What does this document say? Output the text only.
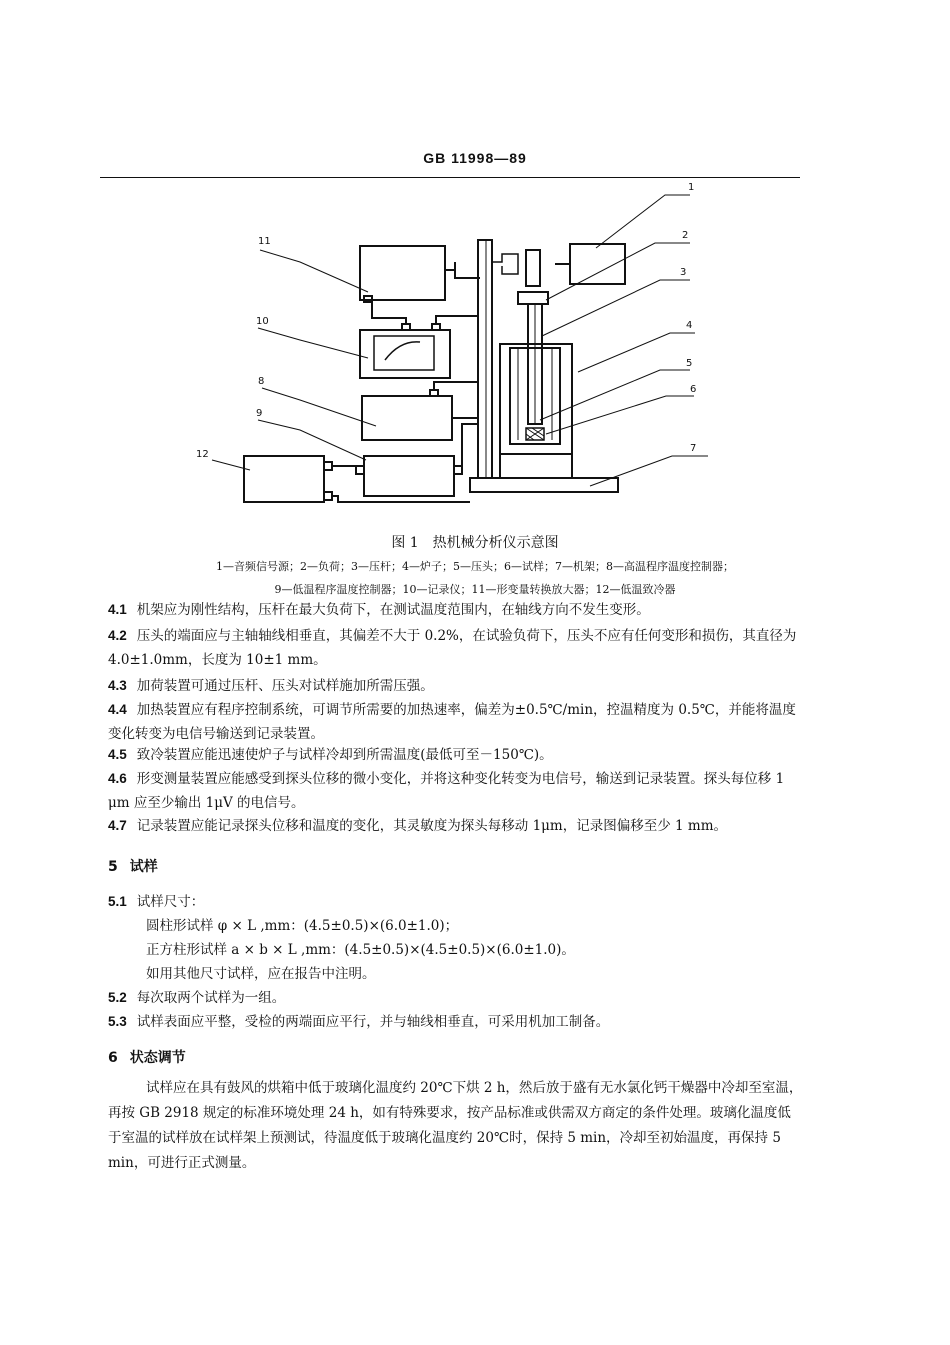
GB 11998—89
1
2
3
4
5
6
7
8
9
10
11
12
图 1　热机械分析仪示意图
1—音频信号源；2—负荷；3—压杆；4—炉子；5—压头；6—试样；7—机架；8—高温程序温度控制器；
9—低温程序温度控制器；10—记录仪；11—形变量转换放大器；12—低温致冷器
4.1 机架应为刚性结构，压杆在最大负荷下，在测试温度范围内，在轴线方向不发生变形。
4.2 压头的端面应与主轴轴线相垂直，其偏差不大于 0.2%，在试验负荷下，压头不应有任何变形和损伤，其直径为 4.0±1.0mm，长度为 10±1 mm。
4.3 加荷装置可通过压杆、压头对试样施加所需压强。
4.4 加热装置应有程序控制系统，可调节所需要的加热速率，偏差为±0.5℃/min，控温精度为 0.5℃，并能将温度变化转变为电信号输送到记录装置。
4.5 致冷装置应能迅速使炉子与试样冷却到所需温度(最低可至－150℃)。
4.6 形变测量装置应能感受到探头位移的微小变化，并将这种变化转变为电信号，输送到记录装置。探头每位移 1 μm 应至少输出 1μV 的电信号。
4.7 记录装置应能记录探头位移和温度的变化，其灵敏度为探头每移动 1μm，记录图偏移至少 1 mm。
5 试样
5.1 试样尺寸：
圆柱形试样 φ × L ,mm：(4.5±0.5)×(6.0±1.0)；
正方柱形试样 a × b × L ,mm：(4.5±0.5)×(4.5±0.5)×(6.0±1.0)。
如用其他尺寸试样，应在报告中注明。
5.2 每次取两个试样为一组。
5.3 试样表面应平整，受检的两端面应平行，并与轴线相垂直，可采用机加工制备。
6 状态调节
试样应在具有鼓风的烘箱中低于玻璃化温度约 20℃下烘 2 h，然后放于盛有无水氯化钙干燥器中冷却至室温，再按 GB 2918 规定的标准环境处理 24 h，如有特殊要求，按产品标准或供需双方商定的条件处理。玻璃化温度低于室温的试样放在试样架上预测试，待温度低于玻璃化温度约 20℃时，保持 5 min，冷却至初始温度，再保持 5 min，可进行正式测量。
